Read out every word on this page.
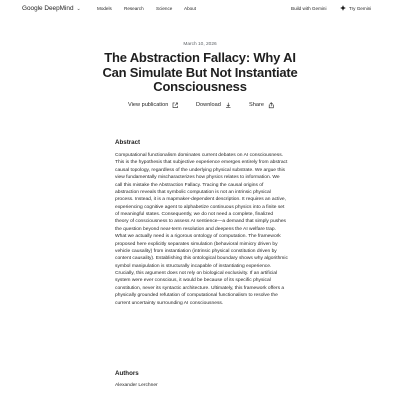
Google DeepMind ⌄	Models	Research	Science	About	Build with Gemini	Try Gemini
March 10, 2026
The Abstraction Fallacy: Why AI Can Simulate But Not Instantiate Consciousness
View publication	Download	Share
Abstract

Computational functionalism dominates current debates on AI consciousness. This is the hypothesis that subjective experience emerges entirely from abstract causal topology, regardless of the underlying physical substrate. We argue this view fundamentally mischaracterizes how physics relates to information. We call this mistake the Abstraction Fallacy. Tracing the causal origins of abstraction reveals that symbolic computation is not an intrinsic physical process. Instead, it is a mapmaker-dependent description. It requires an active, experiencing cognitive agent to alphabetize continuous physics into a finite set of meaningful states. Consequently, we do not need a complete, finalized theory of consciousness to assess AI sentience—a demand that simply pushes the question beyond near-term resolution and deepens the AI welfare trap. What we actually need is a rigorous ontology of computation. The framework proposed here explicitly separates simulation (behavioral mimicry driven by vehicle causality) from instantiation (intrinsic physical constitution driven by content causality). Establishing this ontological boundary shows why algorithmic symbol manipulation is structurally incapable of instantiating experience. Crucially, this argument does not rely on biological exclusivity. If an artificial system were ever conscious, it would be because of its specific physical constitution, never its syntactic architecture. Ultimately, this framework offers a physically grounded refutation of computational functionalism to resolve the current uncertainty surrounding AI consciousness.

Authors
Alexander Lerchner
